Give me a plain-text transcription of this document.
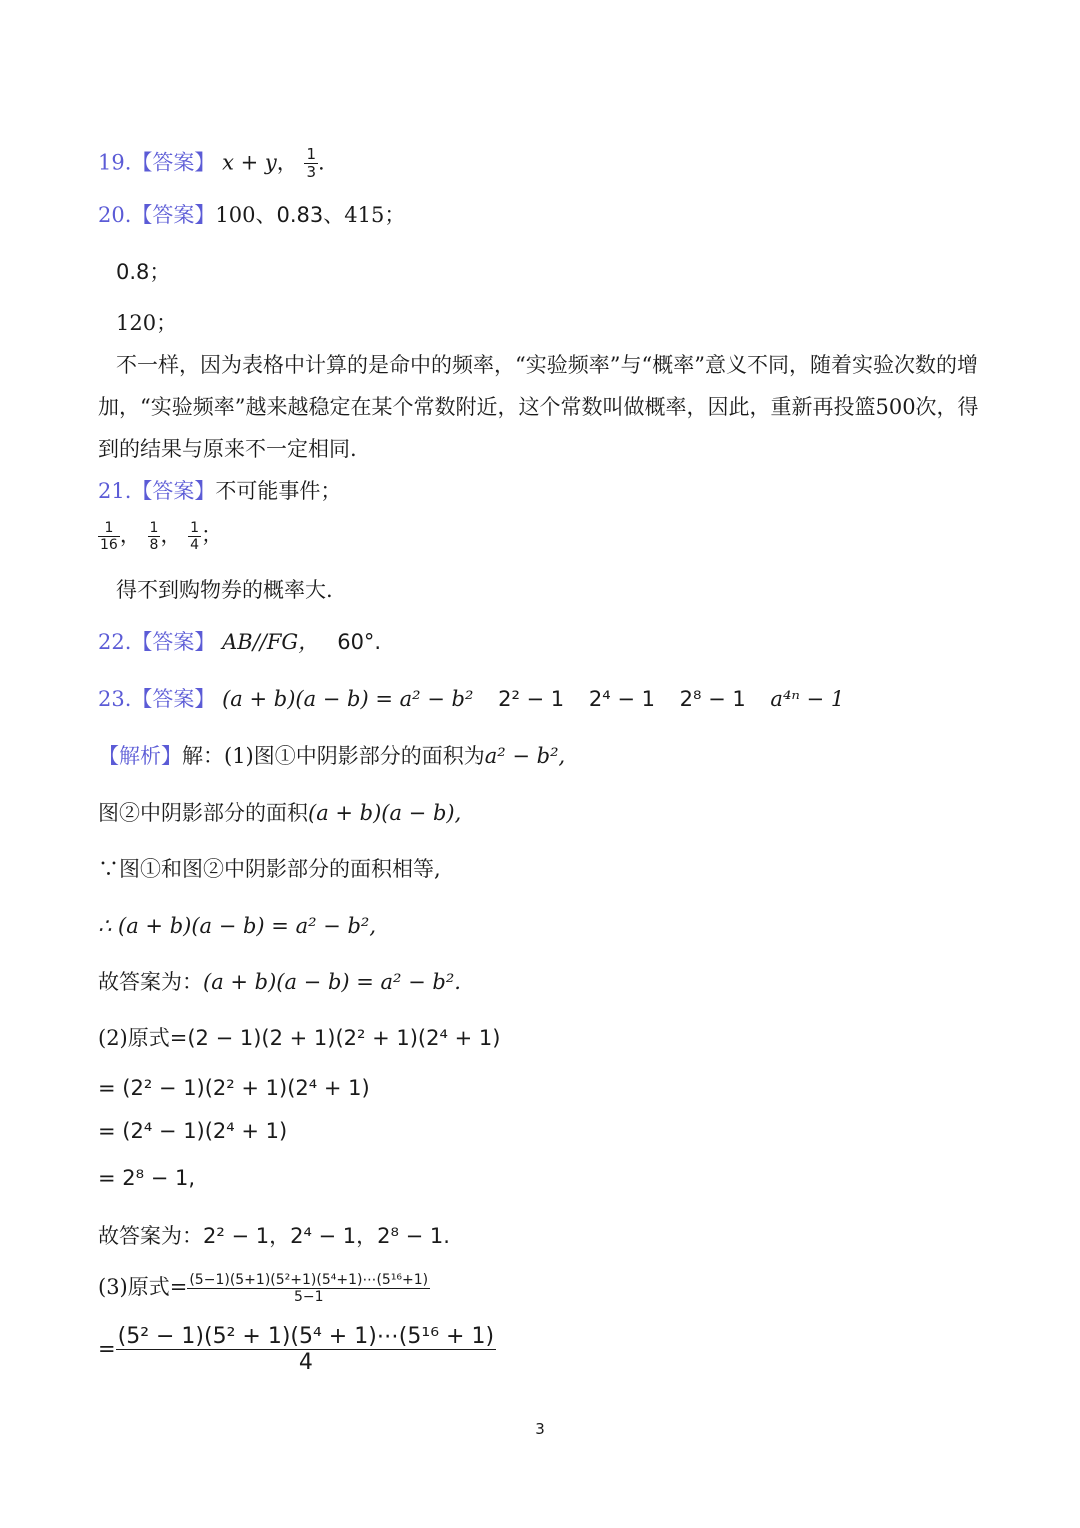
19.【答案】 x + y， $\frac{1}{3}$ .
20.【答案】100、0.83、415；
0.8；
120；
不一样，因为表格中计算的是命中的频率，“实验频率”与“概率”意义不同，随着实验次数的增加，“实验频率”越来越稳定在某个常数附近，这个常数叫做概率，因此，重新再投篮500次，得到的结果与原来不一定相同.
21.【答案】不可能事件；
$\frac{1}{16}$ ， $\frac{1}{8}$ ， $\frac{1}{4}$ ；
得不到购物券的概率大.
22.【答案】 AB//FG， 60°.
23.【答案】 (a + b)(a − b) = a² − b² 2² − 1 2⁴ − 1 2⁸ − 1 a⁴ⁿ − 1
【解析】解：(1)图①中阴影部分的面积为a² − b²,
图②中阴影部分的面积(a + b)(a − b),
∵图①和图②中阴影部分的面积相等,
∴ (a + b)(a − b) = a² − b²,
故答案为：(a + b)(a − b) = a² − b².
(2)原式=(2 − 1)(2 + 1)(2² + 1)(2⁴ + 1)
= (2² − 1)(2² + 1)(2⁴ + 1)
= (2⁴ − 1)(2⁴ + 1)
= 2⁸ − 1,
故答案为：2² − 1，2⁴ − 1，2⁸ − 1.
(3)原式= $\frac{\text{(5−1)(5+1)(5²+1)(5⁴+1)⋯(5¹⁶+1)}}{5-1}$
= $\frac{\text{(5² − 1)(5² + 1)(5⁴ + 1)⋯(5¹⁶ + 1)}}{4}$
3
